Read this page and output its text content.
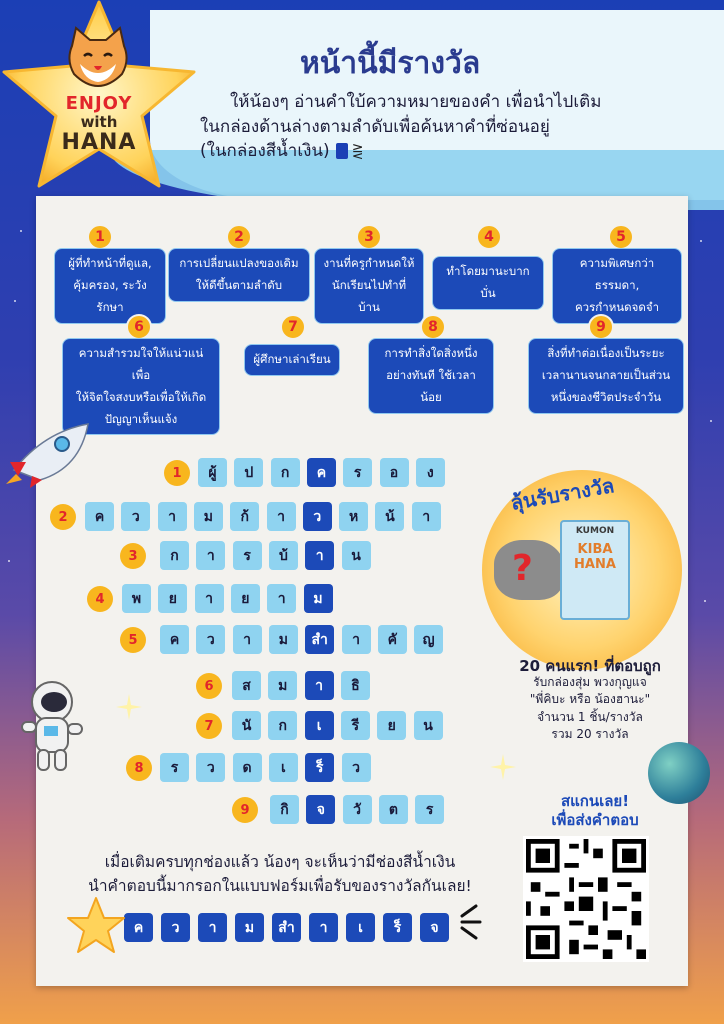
ENJOY
with
HANA
หน้านี้มีรางวัล
ให้น้องๆ อ่านคำใบ้ความหมายของคำ เพื่อนำไปเติม
ในกล่องด้านล่างตามลำดับเพื่อค้นหาคำที่ซ่อนอยู่
(ในกล่องสีน้ำเงิน) ⋛
1
ผู้ที่ทำหน้าที่ดูแล,
คุ้มครอง, ระวังรักษา
2
การเปลี่ยนแปลงของเดิม
ให้ดีขึ้นตามลำดับ
3
งานที่ครูกำหนดให้
นักเรียนไปทำที่บ้าน
4
ทำโดยมานะบากบั่น
5
ความพิเศษกว่าธรรมดา,
ควรกำหนดจดจำ
6
ความสำรวมใจให้แน่วแน่เพื่อ
ให้จิตใจสงบหรือเพื่อให้เกิด
ปัญญาเห็นแจ้ง
7
ผู้ศึกษาเล่าเรียน
8
การทำสิ่งใดสิ่งหนึ่ง
อย่างทันที ใช้เวลาน้อย
9
สิ่งที่ทำต่อเนื่องเป็นระยะ
เวลานานจนกลายเป็นส่วน
หนึ่งของชีวิตประจำวัน
1	ผู้	ป	ก	ค	ร	อ	ง
2	ค	ว	า	ม	ก้	า	ว	ห	น้	า
3	ก	า	ร	บ้	า	น
4	พ	ย	า	ย	า	ม
5	ค	ว	า	ม	สำ	า	คั	ญ
6	ส	ม	า	ธิ
7	นั	ก	เ	รี	ย	น
8	ร	ว	ด	เ	ร็	ว
9	กิ	จ	วั	ต	ร
ลุ้นรับรางวัล
?
KUMON
KIBA HANA
20 คนแรก! ที่ตอบถูก
รับกล่องสุ่ม พวงกุญแจ
"พี่คิบะ หรือ น้องฮานะ"
จำนวน 1 ชิ้น/รางวัล
รวม 20 รางวัล
สแกนเลย!
เพื่อส่งคำตอบ
เมื่อเติมครบทุกช่องแล้ว น้องๆ จะเห็นว่ามีช่องสีน้ำเงิน
นำคำตอบนี้มากรอกในแบบฟอร์มเพื่อรับของรางวัลกันเลย!
ค	ว	า	ม	สำ	า	เ	ร็	จ
